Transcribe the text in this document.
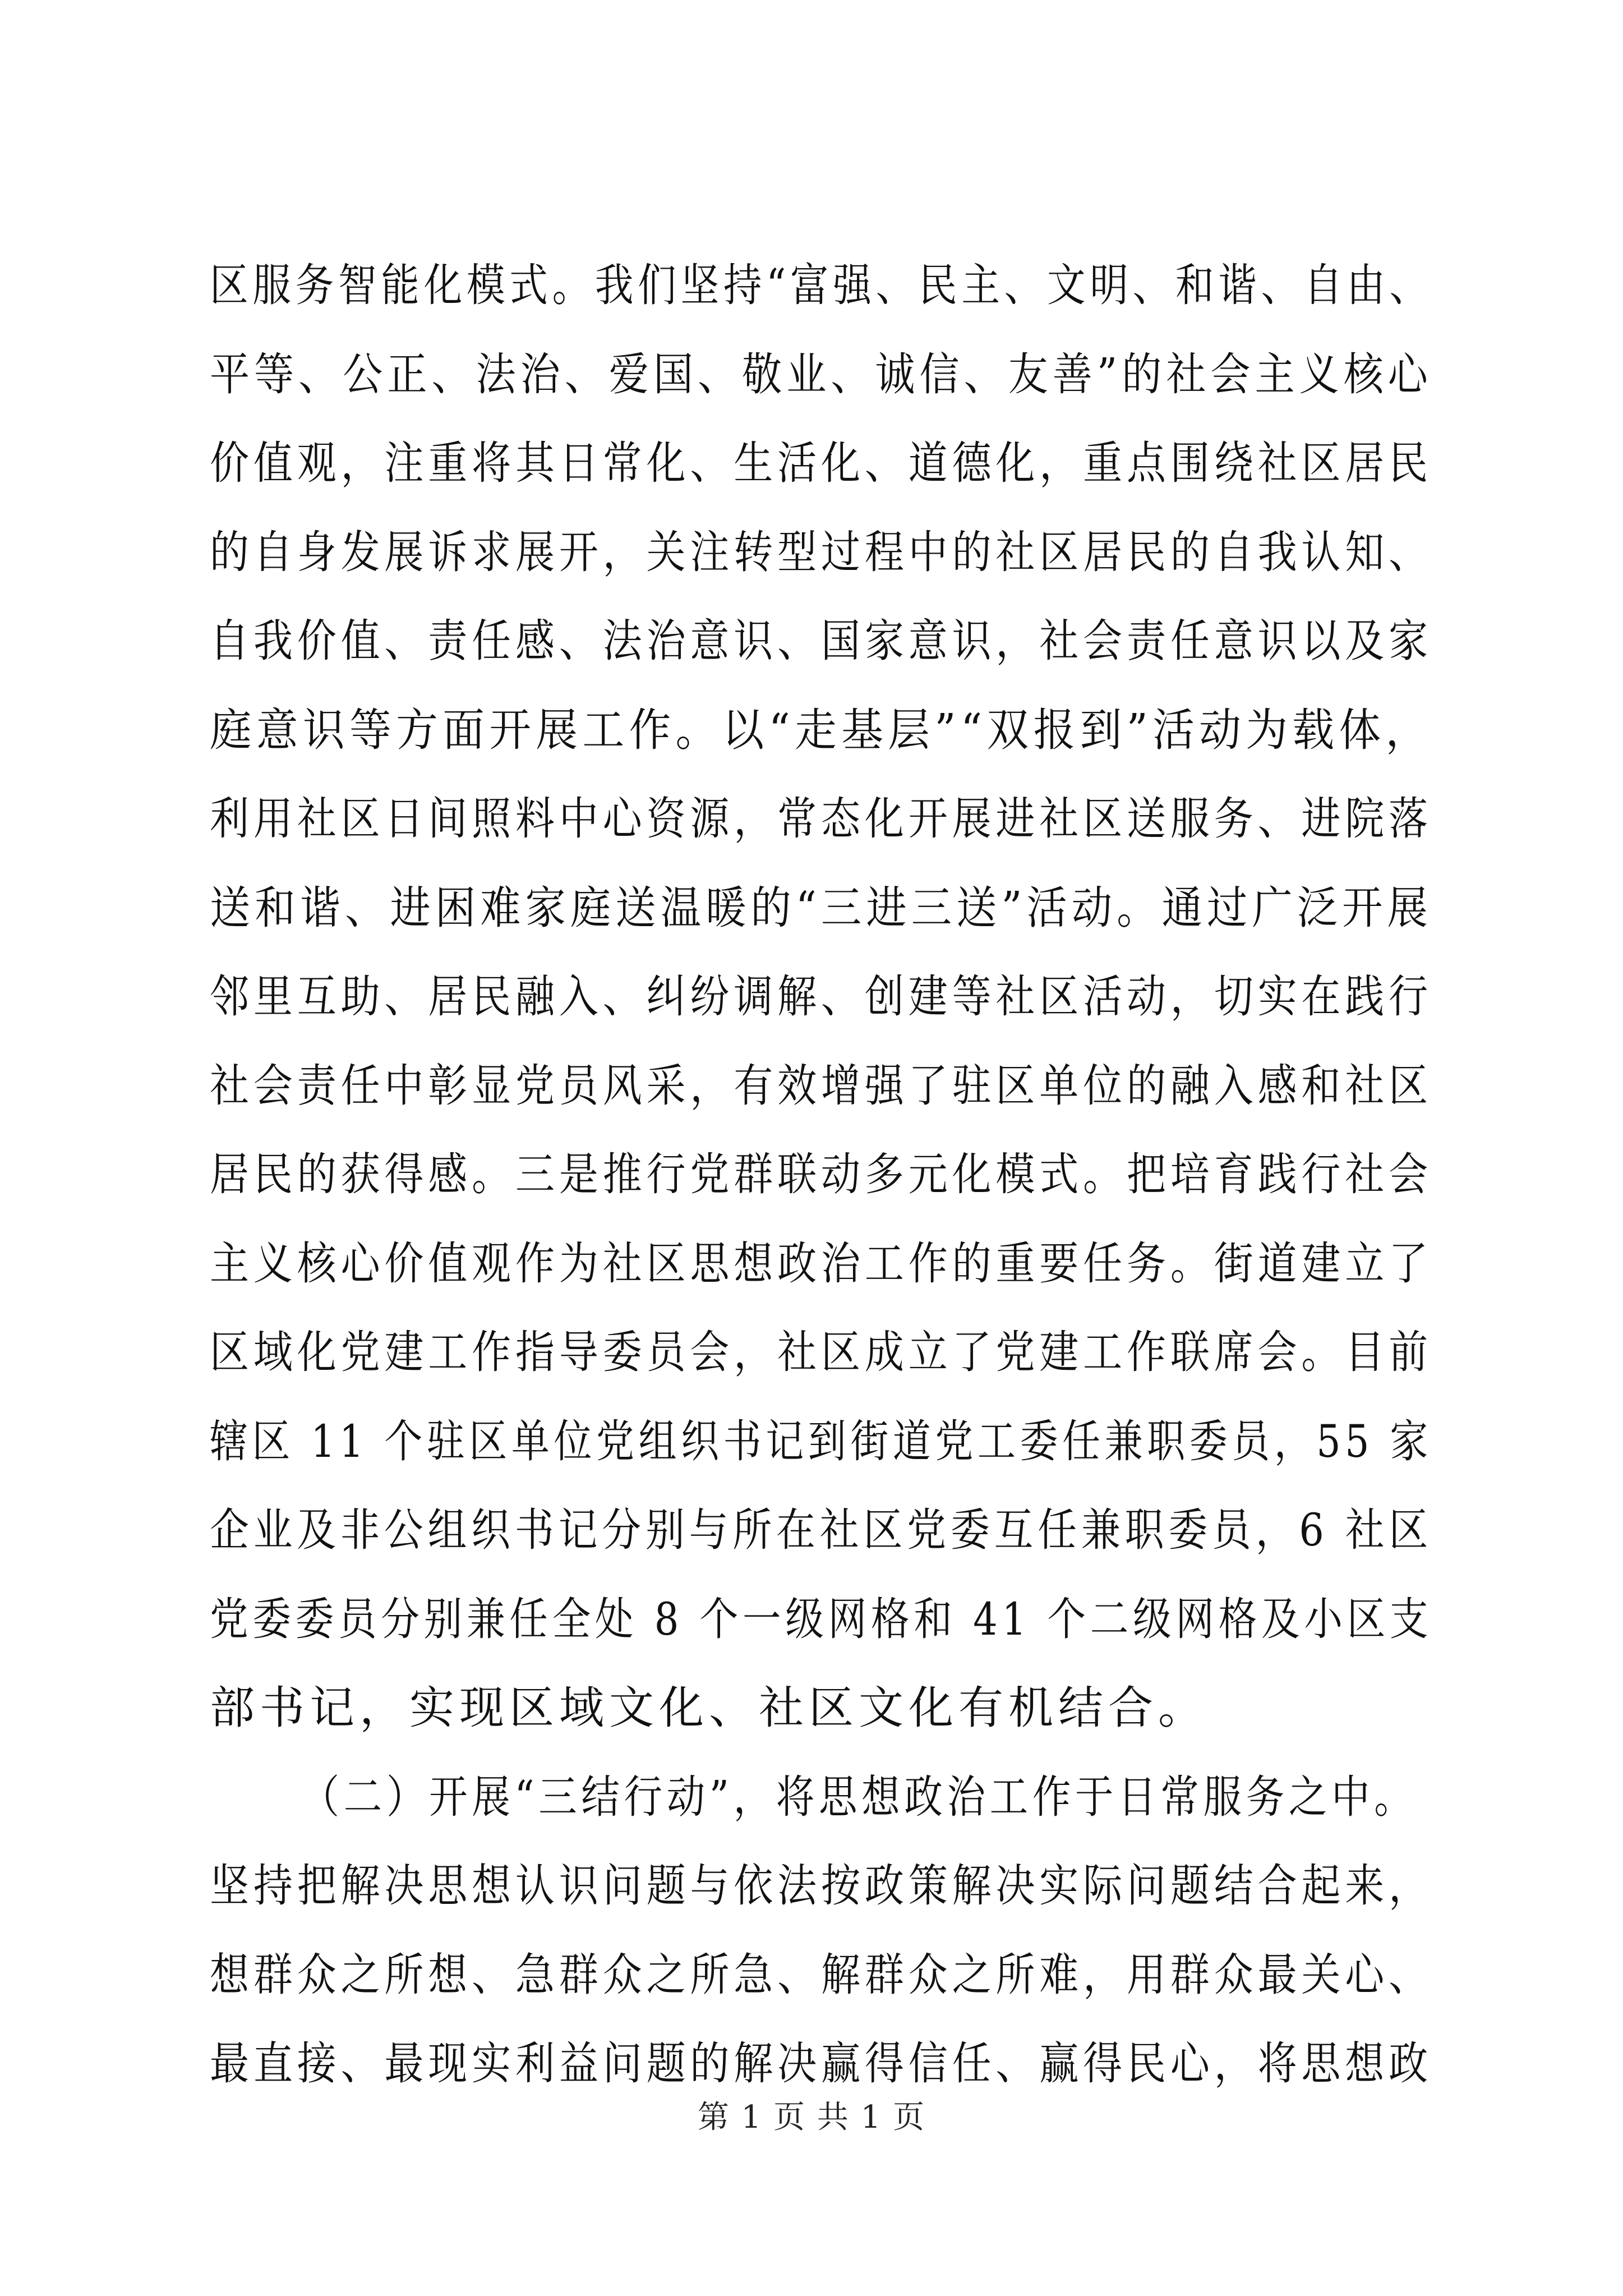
区服务智能化模式。我们坚持“富强、民主、文明、和谐、自由、
平等、公正、法治、爱国、敬业、诚信、友善”的社会主义核心
价值观，注重将其日常化、生活化、道德化，重点围绕社区居民
的自身发展诉求展开，关注转型过程中的社区居民的自我认知、
自我价值、责任感、法治意识、国家意识，社会责任意识以及家
庭意识等方面开展工作。以“走基层”“双报到”活动为载体，
利用社区日间照料中心资源，常态化开展进社区送服务、进院落
送和谐、进困难家庭送温暖的“三进三送”活动。通过广泛开展
邻里互助、居民融入、纠纷调解、创建等社区活动，切实在践行
社会责任中彰显党员风采，有效增强了驻区单位的融入感和社区
居民的获得感。三是推行党群联动多元化模式。把培育践行社会
主义核心价值观作为社区思想政治工作的重要任务。街道建立了
区域化党建工作指导委员会，社区成立了党建工作联席会。目前
辖区 11 个驻区单位党组织书记到街道党工委任兼职委员，55 家
企业及非公组织书记分别与所在社区党委互任兼职委员，6 社区
党委委员分别兼任全处 8 个一级网格和 41 个二级网格及小区支
部书记，实现区域文化、社区文化有机结合。
（二）开展“三结行动”，将思想政治工作于日常服务之中。
坚持把解决思想认识问题与依法按政策解决实际问题结合起来，
想群众之所想、急群众之所急、解群众之所难，用群众最关心、
最直接、最现实利益问题的解决赢得信任、赢得民心，将思想政
第 1 页 共 1 页
